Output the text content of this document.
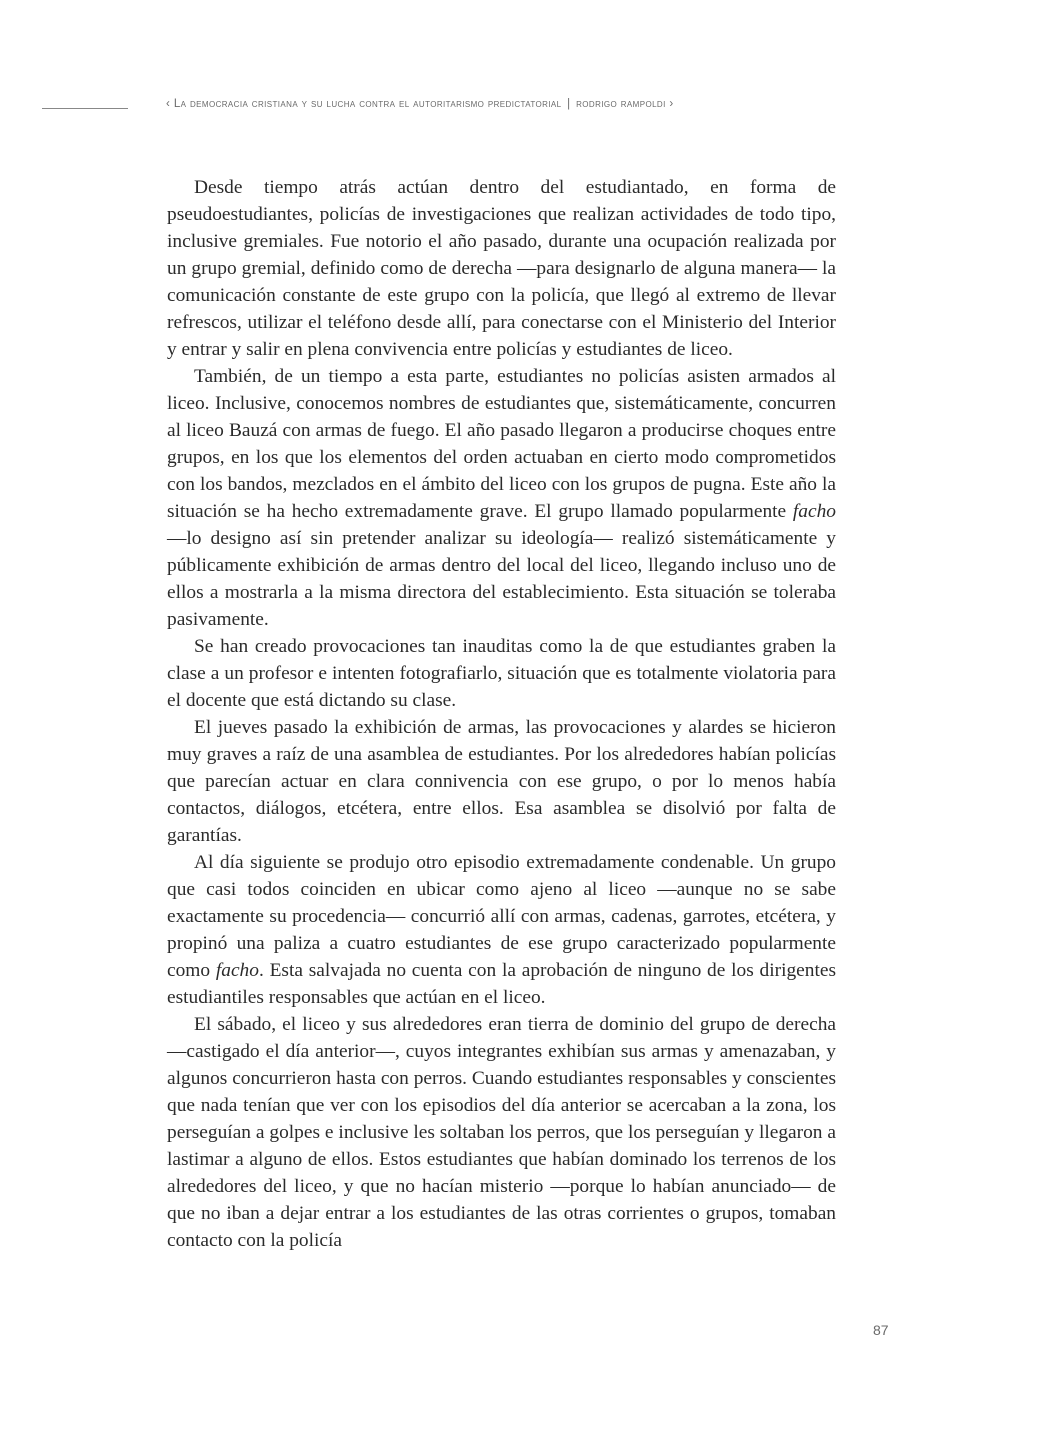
‹ La democracia cristiana y su lucha contra el autoritarismo predictatorial | rodrigo rampoldi ›

Desde tiempo atrás actúan dentro del estudiantado, en forma de pseudoestudiantes, policías de investigaciones que realizan actividades de todo tipo, inclusive gremiales. Fue notorio el año pasado, durante una ocupación realizada por un grupo gremial, definido como de derecha —para designarlo de alguna manera— la comunicación constante de este grupo con la policía, que llegó al extremo de llevar refrescos, utilizar el teléfono desde allí, para conectarse con el Ministerio del Interior y entrar y salir en plena convivencia entre policías y estudiantes de liceo.

También, de un tiempo a esta parte, estudiantes no policías asisten armados al liceo. Inclusive, conocemos nombres de estudiantes que, sistemáticamente, concurren al liceo Bauzá con armas de fuego. El año pasado llegaron a producirse choques entre grupos, en los que los elementos del orden actuaban en cierto modo comprometidos con los bandos, mezclados en el ámbito del liceo con los grupos de pugna. Este año la situación se ha hecho extremadamente grave. El grupo llamado popularmente facho —lo designo así sin pretender analizar su ideología— realizó sistemáticamente y públicamente exhibición de armas dentro del local del liceo, llegando incluso uno de ellos a mostrarla a la misma directora del establecimiento. Esta situación se toleraba pasivamente.

Se han creado provocaciones tan inauditas como la de que estudiantes graben la clase a un profesor e intenten fotografiarlo, situación que es totalmente violatoria para el docente que está dictando su clase.

El jueves pasado la exhibición de armas, las provocaciones y alardes se hicieron muy graves a raíz de una asamblea de estudiantes. Por los alrededores habían policías que parecían actuar en clara connivencia con ese grupo, o por lo menos había contactos, diálogos, etcétera, entre ellos. Esa asamblea se disolvió por falta de garantías.

Al día siguiente se produjo otro episodio extremadamente condenable. Un grupo que casi todos coinciden en ubicar como ajeno al liceo —aunque no se sabe exactamente su procedencia— concurrió allí con armas, cadenas, garrotes, etcétera, y propinó una paliza a cuatro estudiantes de ese grupo caracterizado popularmente como facho. Esta salvajada no cuenta con la aprobación de ninguno de los dirigentes estudiantiles responsables que actúan en el liceo.

El sábado, el liceo y sus alrededores eran tierra de dominio del grupo de derecha —castigado el día anterior—, cuyos integrantes exhibían sus armas y amenazaban, y algunos concurrieron hasta con perros. Cuando estudiantes responsables y conscientes que nada tenían que ver con los episodios del día anterior se acercaban a la zona, los perseguían a golpes e inclusive les soltaban los perros, que los perseguían y llegaron a lastimar a alguno de ellos. Estos estudiantes que habían dominado los terrenos de los alrededores del liceo, y que no hacían misterio —porque lo habían anunciado— de que no iban a dejar entrar a los estudiantes de las otras corrientes o grupos, tomaban contacto con la policía

87
